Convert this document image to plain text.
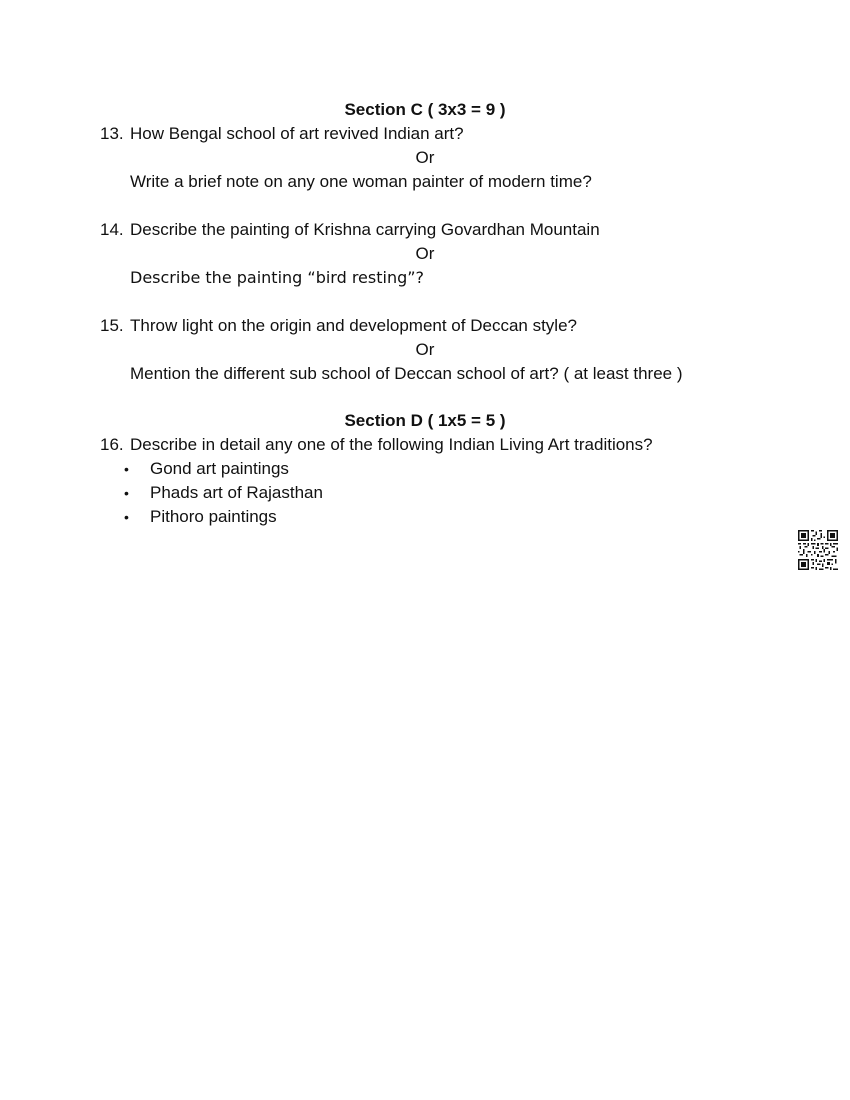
Section C ( 3x3 = 9 )
13. How Bengal school of art revived Indian art?
Or
Write a brief note on any one woman painter of modern time?
14. Describe the painting of Krishna carrying Govardhan Mountain
Or
Describe the painting “bird resting”?
15. Throw light on the origin and development of Deccan style?
Or
Mention the different sub school of Deccan school of art? ( at least three )
Section D ( 1x5 = 5 )
16. Describe in detail any one of the following Indian Living Art traditions?
• Gond art paintings
• Phads art of Rajasthan
• Pithoro paintings
